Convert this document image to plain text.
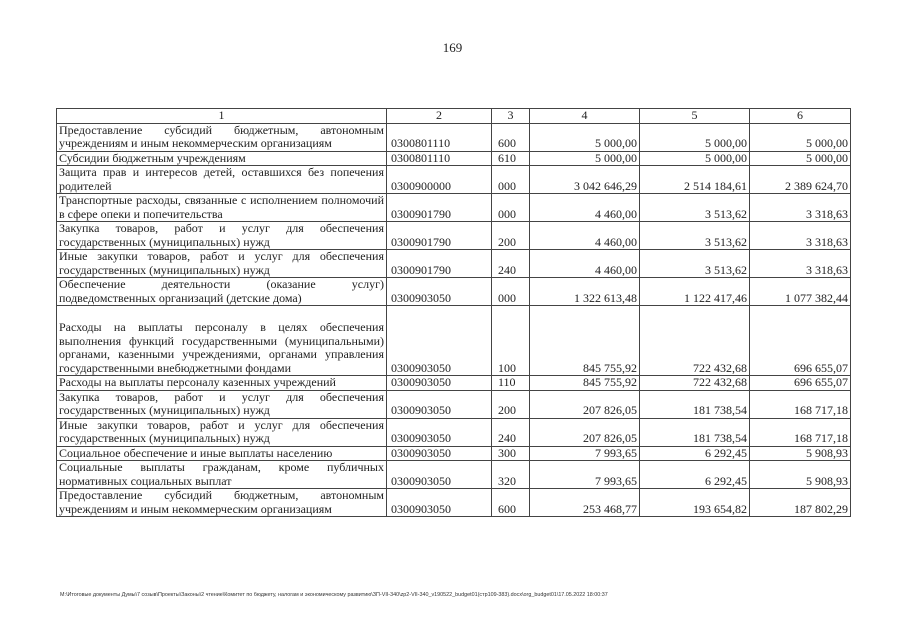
169
1	2	3	4	5	6
Предоставление субсидий бюджетным, автономным учреждениям и иным некоммерческим организациям	0300801110	600	5 000,00	5 000,00	5 000,00
Субсидии бюджетным учреждениям	0300801110	610	5 000,00	5 000,00	5 000,00
Защита прав и интересов детей, оставшихся без попечения родителей	0300900000	000	3 042 646,29	2 514 184,61	2 389 624,70
Транспортные расходы, связанные с исполнением полномочий в сфере опеки и попечительства	0300901790	000	4 460,00	3 513,62	3 318,63
Закупка товаров, работ и услуг для обеспечения государственных (муниципальных) нужд	0300901790	200	4 460,00	3 513,62	3 318,63
Иные закупки товаров, работ и услуг для обеспечения государственных (муниципальных) нужд	0300901790	240	4 460,00	3 513,62	3 318,63
Обеспечение деятельности (оказание услуг) подведомственных организаций (детские дома)	0300903050	000	1 322 613,48	1 122 417,46	1 077 382,44
Расходы на выплаты персоналу в целях обеспечения выполнения функций государственными (муниципальными) органами, казенными учреждениями, органами управления государственными внебюджетными фондами	0300903050	100	845 755,92	722 432,68	696 655,07
Расходы на выплаты персоналу казенных учреждений	0300903050	110	845 755,92	722 432,68	696 655,07
Закупка товаров, работ и услуг для обеспечения государственных (муниципальных) нужд	0300903050	200	207 826,05	181 738,54	168 717,18
Иные закупки товаров, работ и услуг для обеспечения государственных (муниципальных) нужд	0300903050	240	207 826,05	181 738,54	168 717,18
Социальное обеспечение и иные выплаты населению	0300903050	300	7 993,65	6 292,45	5 908,93
Социальные выплаты гражданам, кроме публичных нормативных социальных выплат	0300903050	320	7 993,65	6 292,45	5 908,93
Предоставление субсидий бюджетным, автономным учреждениям и иным некоммерческим организациям	0300903050	600	253 468,77	193 654,82	187 802,29
M:\Итоговые документы Думы\7 созыв\Проекты\Законы\2 чтение\Комитет по бюджету, налогам и экономическому развитию\ЗП-VII-340\zp2-VII-340_v190522_budget01(стр109-383).docx\org_budget01\17.05.2022 18:00:37
